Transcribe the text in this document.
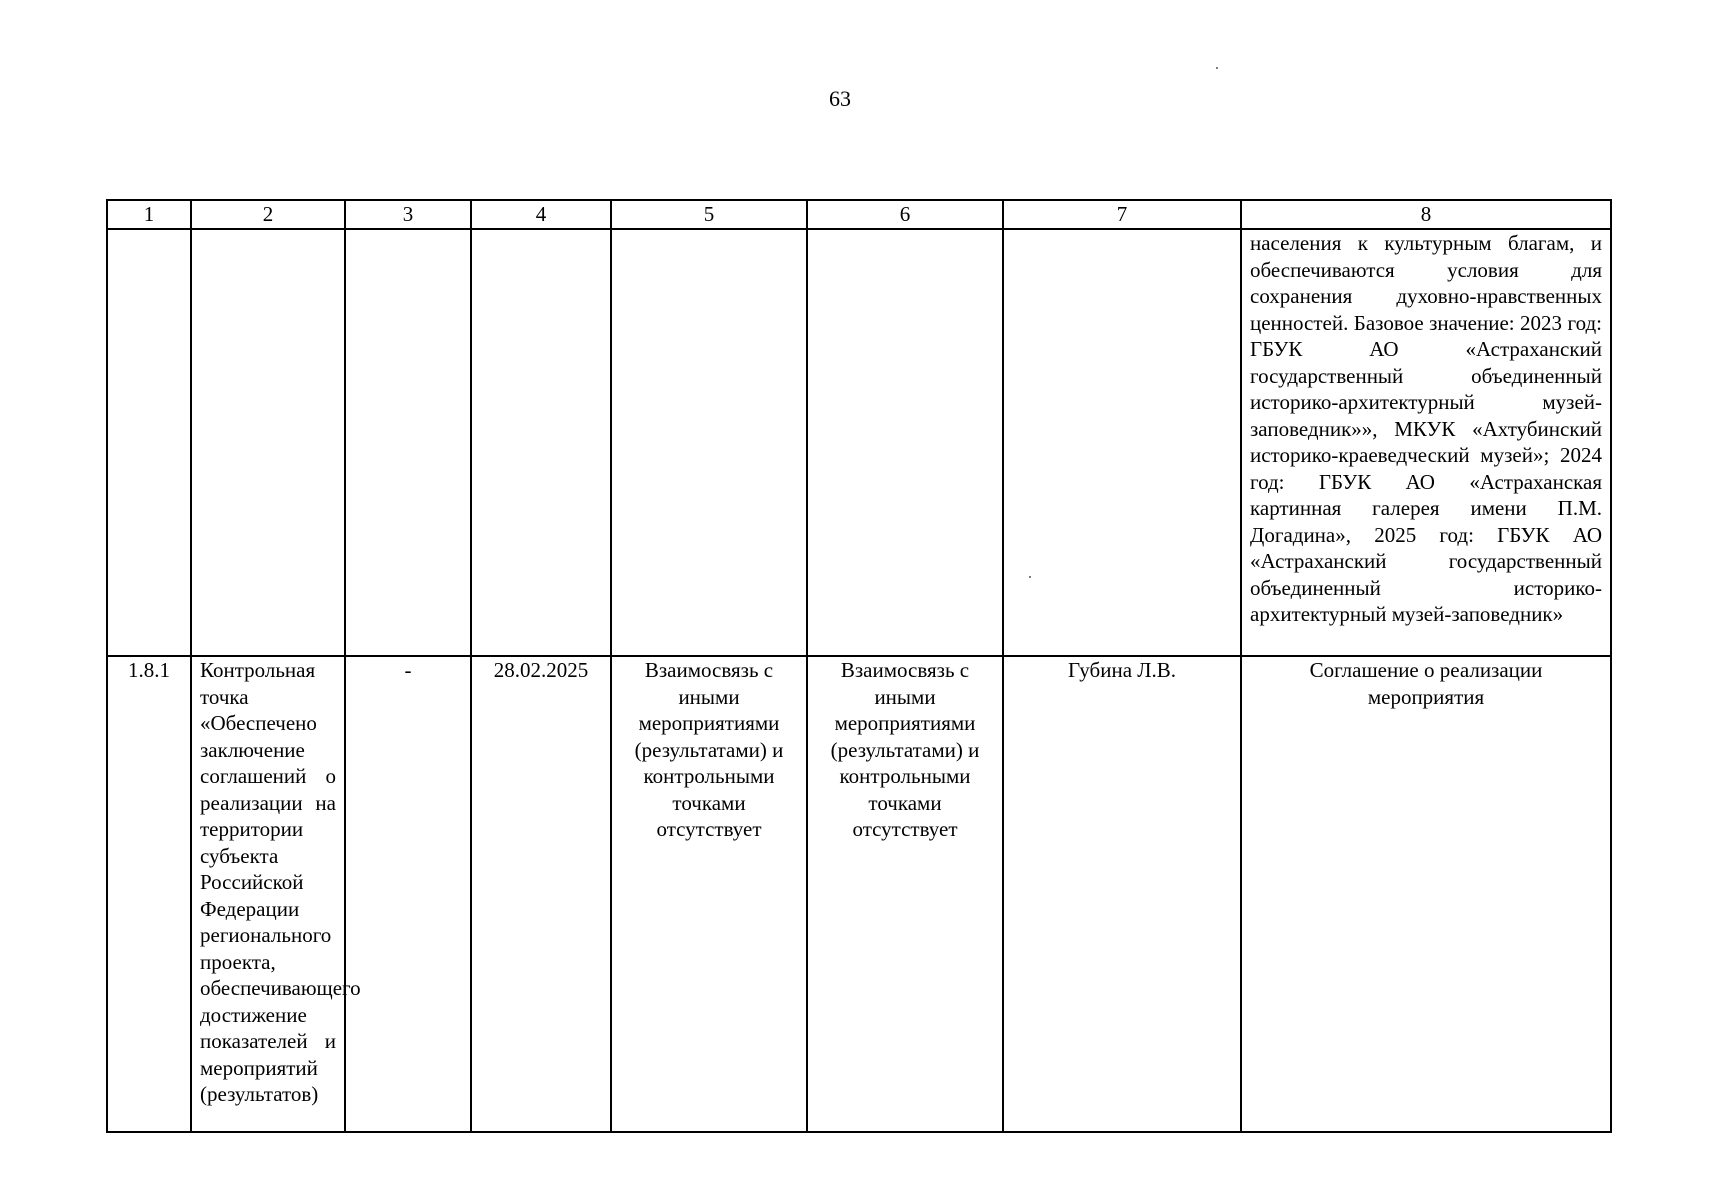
63
1	2	3	4	5	6	7	8
							населения к культурным благам, и обеспечиваются условия для сохранения духовно-нравственных ценностей. Базовое значение: 2023 год: ГБУК АО «Астраханский государственный объединенный историко-архитектурный музей-заповедник»», МКУК «Ахтубинский историко-краеведческий музей»; 2024 год: ГБУК АО «Астраханская картинная галерея имени П.М. Догадина», 2025 год: ГБУК АО «Астраханский государственный объединенный историко-архитектурный музей-заповедник»
1.8.1	Контрольная точка «Обеспечено заключение соглашений о реализации на территории субъекта Российской Федерации регионального проекта, обеспечивающего достижение показателей и мероприятий (результатов)	-	28.02.2025	Взаимосвязь с иными мероприятиями (результатами) и контрольными точками отсутствует	Взаимосвязь с иными мероприятиями (результатами) и контрольными точками отсутствует	Губина Л.В.	Соглашение о реализации мероприятия
